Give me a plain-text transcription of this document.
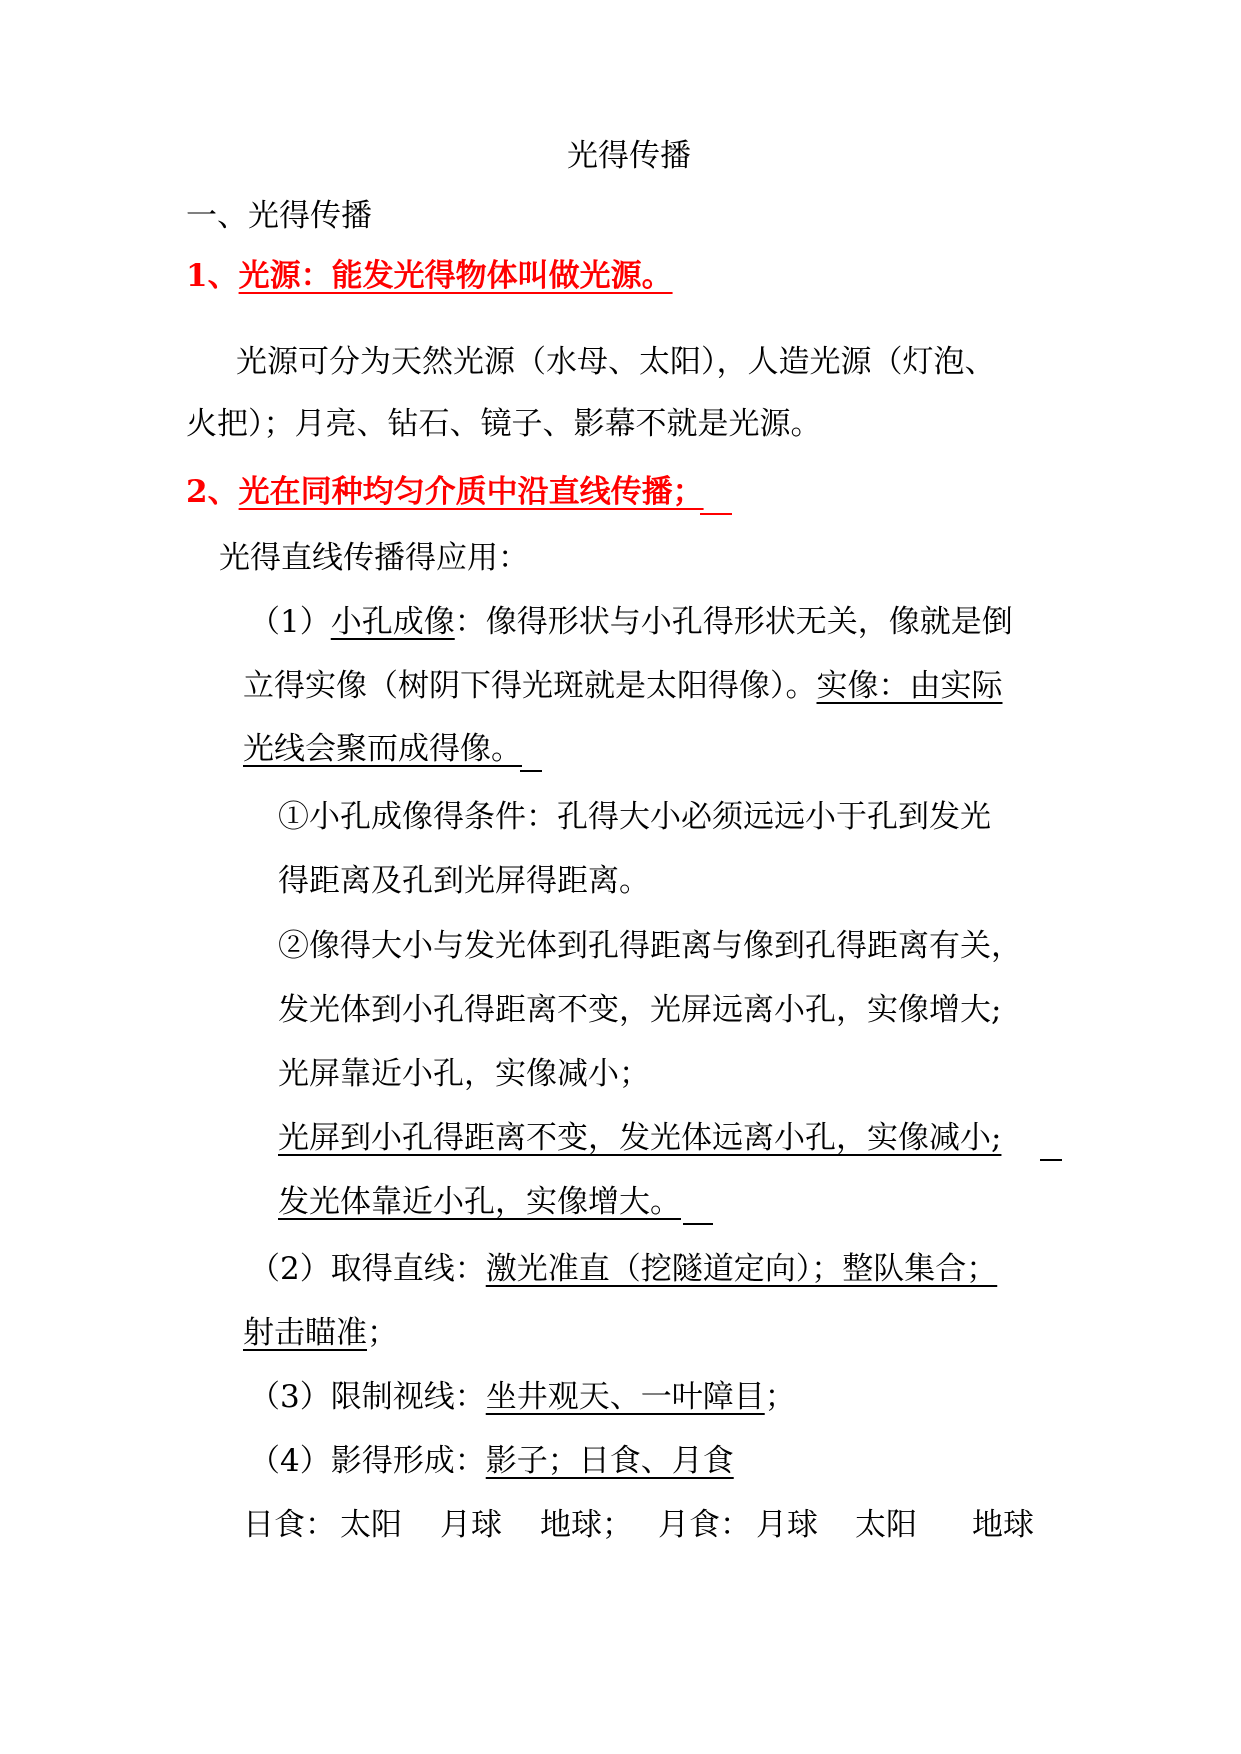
光得传播
一、光得传播
1、光源：能发光得物体叫做光源。
光源可分为天然光源（水母、太阳），人造光源（灯泡、
火把）；月亮、钻石、镜子、影幕不就是光源。
2、光在同种均匀介质中沿直线传播；
光得直线传播得应用：
（1）小孔成像：像得形状与小孔得形状无关，像就是倒
立得实像（树阴下得光斑就是太阳得像）。实像：由实际
光线会聚而成得像。
①小孔成像得条件：孔得大小必须远远小于孔到发光
得距离及孔到光屏得距离。
②像得大小与发光体到孔得距离与像到孔得距离有关，
发光体到小孔得距离不变，光屏远离小孔，实像增大;
光屏靠近小孔，实像减小；
光屏到小孔得距离不变，发光体远离小孔，实像减小;
发光体靠近小孔，实像增大。
（2）取得直线：激光准直（挖隧道定向）；整队集合；
射击瞄准；
（3）限制视线：坐井观天、一叶障目；
（4）影得形成：影子；日食、月食
日食： 太阳 月球 地球； 月食： 月球 太阳 地球
